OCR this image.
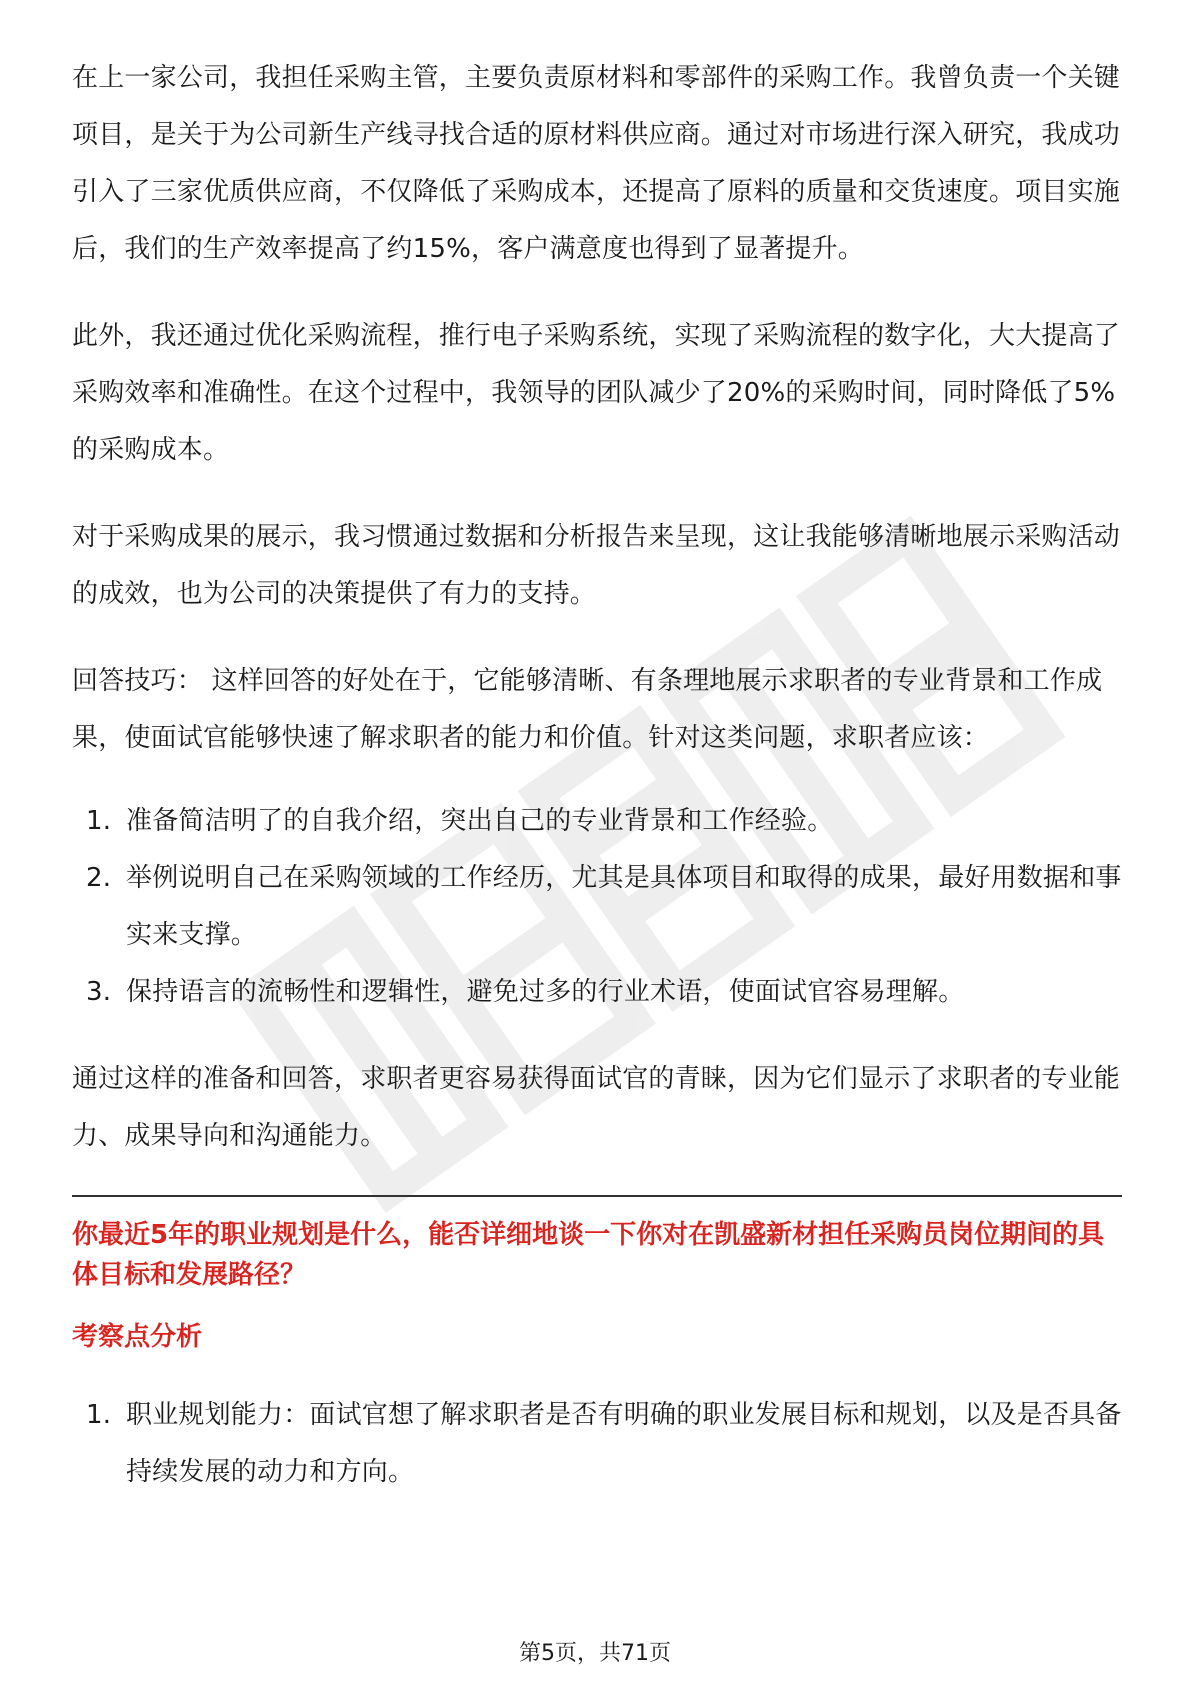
在上一家公司，我担任采购主管，主要负责原材料和零部件的采购工作。我曾负责一个关键项目，是关于为公司新生产线寻找合适的原材料供应商。通过对市场进行深入研究，我成功引入了三家优质供应商，不仅降低了采购成本，还提高了原料的质量和交货速度。项目实施后，我们的生产效率提高了约15%，客户满意度也得到了显著提升。

此外，我还通过优化采购流程，推行电子采购系统，实现了采购流程的数字化，大大提高了采购效率和准确性。在这个过程中，我领导的团队减少了20%的采购时间，同时降低了5%的采购成本。

对于采购成果的展示，我习惯通过数据和分析报告来呈现，这让我能够清晰地展示采购活动的成效，也为公司的决策提供了有力的支持。

回答技巧： 这样回答的好处在于，它能够清晰、有条理地展示求职者的专业背景和工作成果，使面试官能够快速了解求职者的能力和价值。针对这类问题，求职者应该：

1. 准备简洁明了的自我介绍，突出自己的专业背景和工作经验。
2. 举例说明自己在采购领域的工作经历，尤其是具体项目和取得的成果，最好用数据和事实来支撑。
3. 保持语言的流畅性和逻辑性，避免过多的行业术语，使面试官容易理解。

通过这样的准备和回答，求职者更容易获得面试官的青睐，因为它们显示了求职者的专业能力、成果导向和沟通能力。

你最近5年的职业规划是什么，能否详细地谈一下你对在凯盛新材担任采购员岗位期间的具体目标和发展路径？
考察点分析
1. 职业规划能力：面试官想了解求职者是否有明确的职业发展目标和规划，以及是否具备持续发展的动力和方向。
第5页，共71页
